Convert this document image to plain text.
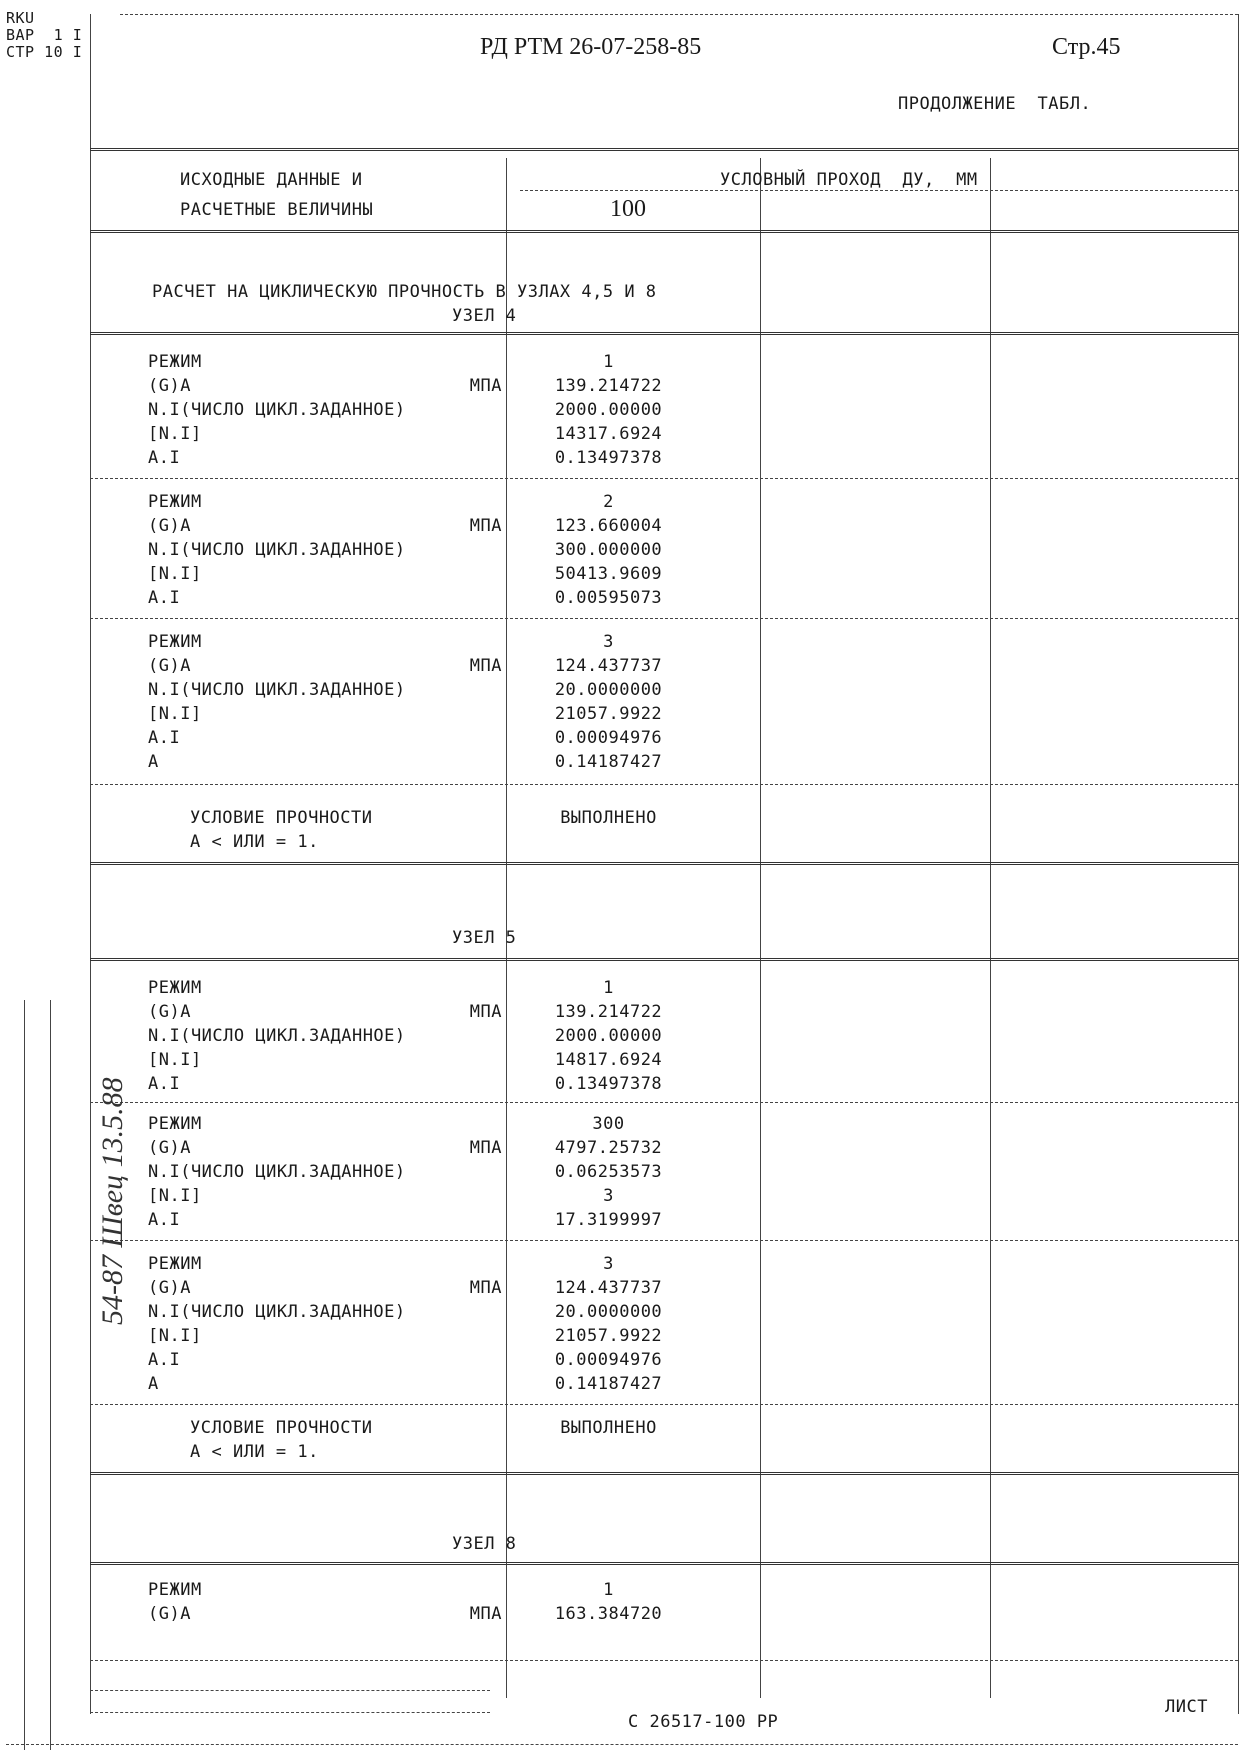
RKU
BAP  1 I
CTP 10 I	РД РТМ 26-07-258-85	Стр.45
ПРОДОЛЖЕНИЕ  ТАБЛ.
ИСХОДНЫЕ ДАННЫЕ И
РАСЧЕТНЫЕ ВЕЛИЧИНЫ
УСЛОВНЫЙ ПРОХОД  ДУ,  ММ
100
РАСЧЕТ НА ЦИКЛИЧЕСКУЮ ПРОЧНОСТЬ В УЗЛАХ 4,5 И 8
УЗЕЛ 4
РЕЖИМ	1
(G)A	МПА	139.214722
N.I(ЧИСЛО ЦИКЛ.ЗАДАННОЕ)	2000.00000
[N.I]	14317.6924
A.I	0.13497378
РЕЖИМ	2
(G)A	МПА	123.660004
N.I(ЧИСЛО ЦИКЛ.ЗАДАННОЕ)	300.000000
[N.I]	50413.9609
A.I	0.00595073
РЕЖИМ	3
(G)A	МПА	124.437737
N.I(ЧИСЛО ЦИКЛ.ЗАДАННОЕ)	20.0000000
[N.I]	21057.9922
A.I	0.00094976
A	0.14187427
УСЛОВИЕ ПРОЧНОСТИ
A < ИЛИ = 1.
ВЫПОЛНЕНО
УЗЕЛ 5
РЕЖИМ	1
(G)A	МПА	139.214722
N.I(ЧИСЛО ЦИКЛ.ЗАДАННОЕ)	2000.00000
[N.I]	14817.6924
A.I	0.13497378
РЕЖИМ	300
(G)A	МПА	4797.25732
N.I(ЧИСЛО ЦИКЛ.ЗАДАННОЕ)	0.06253573
[N.I]	3
A.I	17.3199997
РЕЖИМ	3
(G)A	МПА	124.437737
N.I(ЧИСЛО ЦИКЛ.ЗАДАННОЕ)	20.0000000
[N.I]	21057.9922
A.I	0.00094976
A	0.14187427
УСЛОВИЕ ПРОЧНОСТИ
A < ИЛИ = 1.
ВЫПОЛНЕНО
УЗЕЛ 8
РЕЖИМ	1
(G)A	МПА	163.384720
ЛИСТ
С 26517-100 РР
54-87 Швец 13.5.88
